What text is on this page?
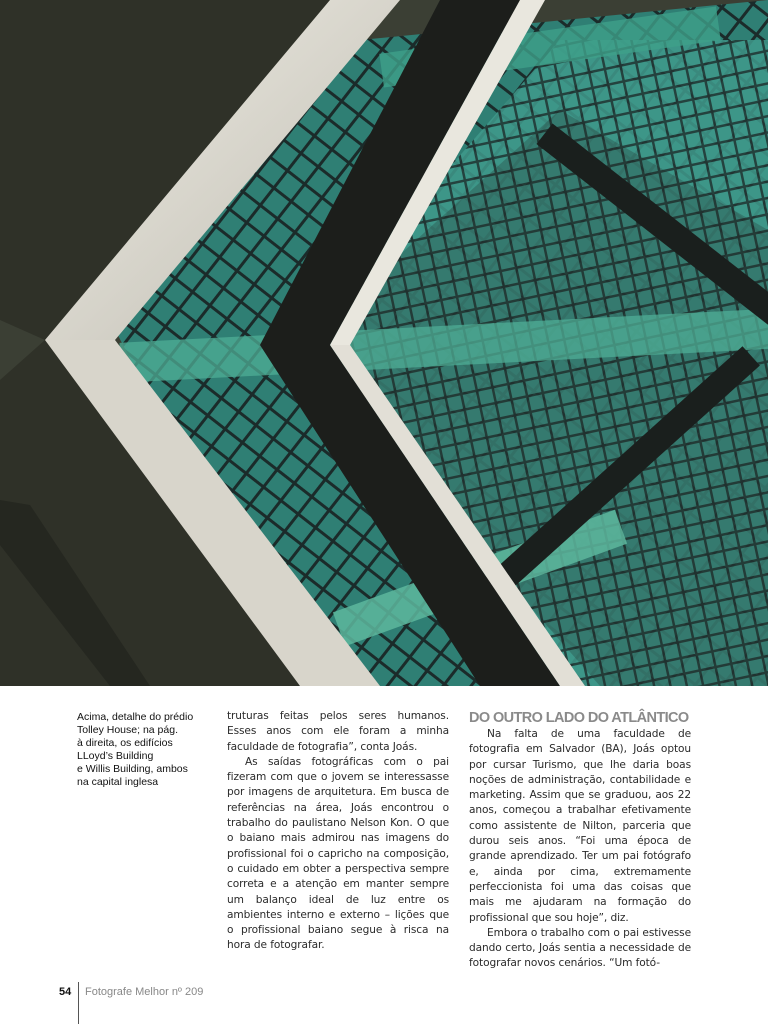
Acima, detalhe do prédio

Tolley House; na pág.

à direita, os edifícios

LLoyd’s Building

e Willis Building, ambos

na capital inglesa

truturas feitas pelos seres humanos. Esses anos com ele foram a minha faculdade de fotografia”, conta Joás.

As saídas fotográficas com o pai fizeram com que o jovem se interessasse por imagens de arquitetura. Em busca de referências na área, Joás encontrou o trabalho do paulistano Nelson Kon. O que o baiano mais admirou nas imagens do profissional foi o capricho na composição, o cuidado em obter a perspectiva sempre correta e a atenção em manter sempre um balanço ideal de luz entre os ambientes interno e externo – lições que o profissional baiano segue à risca na hora de fotografar.

DO OUTRO LADO DO ATLÂNTICO

Na falta de uma faculdade de fotografia em Salvador (BA), Joás optou por cursar Turismo, que lhe daria boas noções de administração, contabilidade e marketing. Assim que se graduou, aos 22 anos, começou a trabalhar efetivamente como assistente de Nilton, parceria que durou seis anos. “Foi uma época de grande aprendizado. Ter um pai fotógrafo e, ainda por cima, extremamente perfeccionista foi uma das coisas que mais me ajudaram na formação do profissional que sou hoje”, diz.

Embora o trabalho com o pai estivesse dando certo, Joás sentia a necessidade de fotografar novos cenários. “Um fotó-

54 Fotografe Melhor nº 209
